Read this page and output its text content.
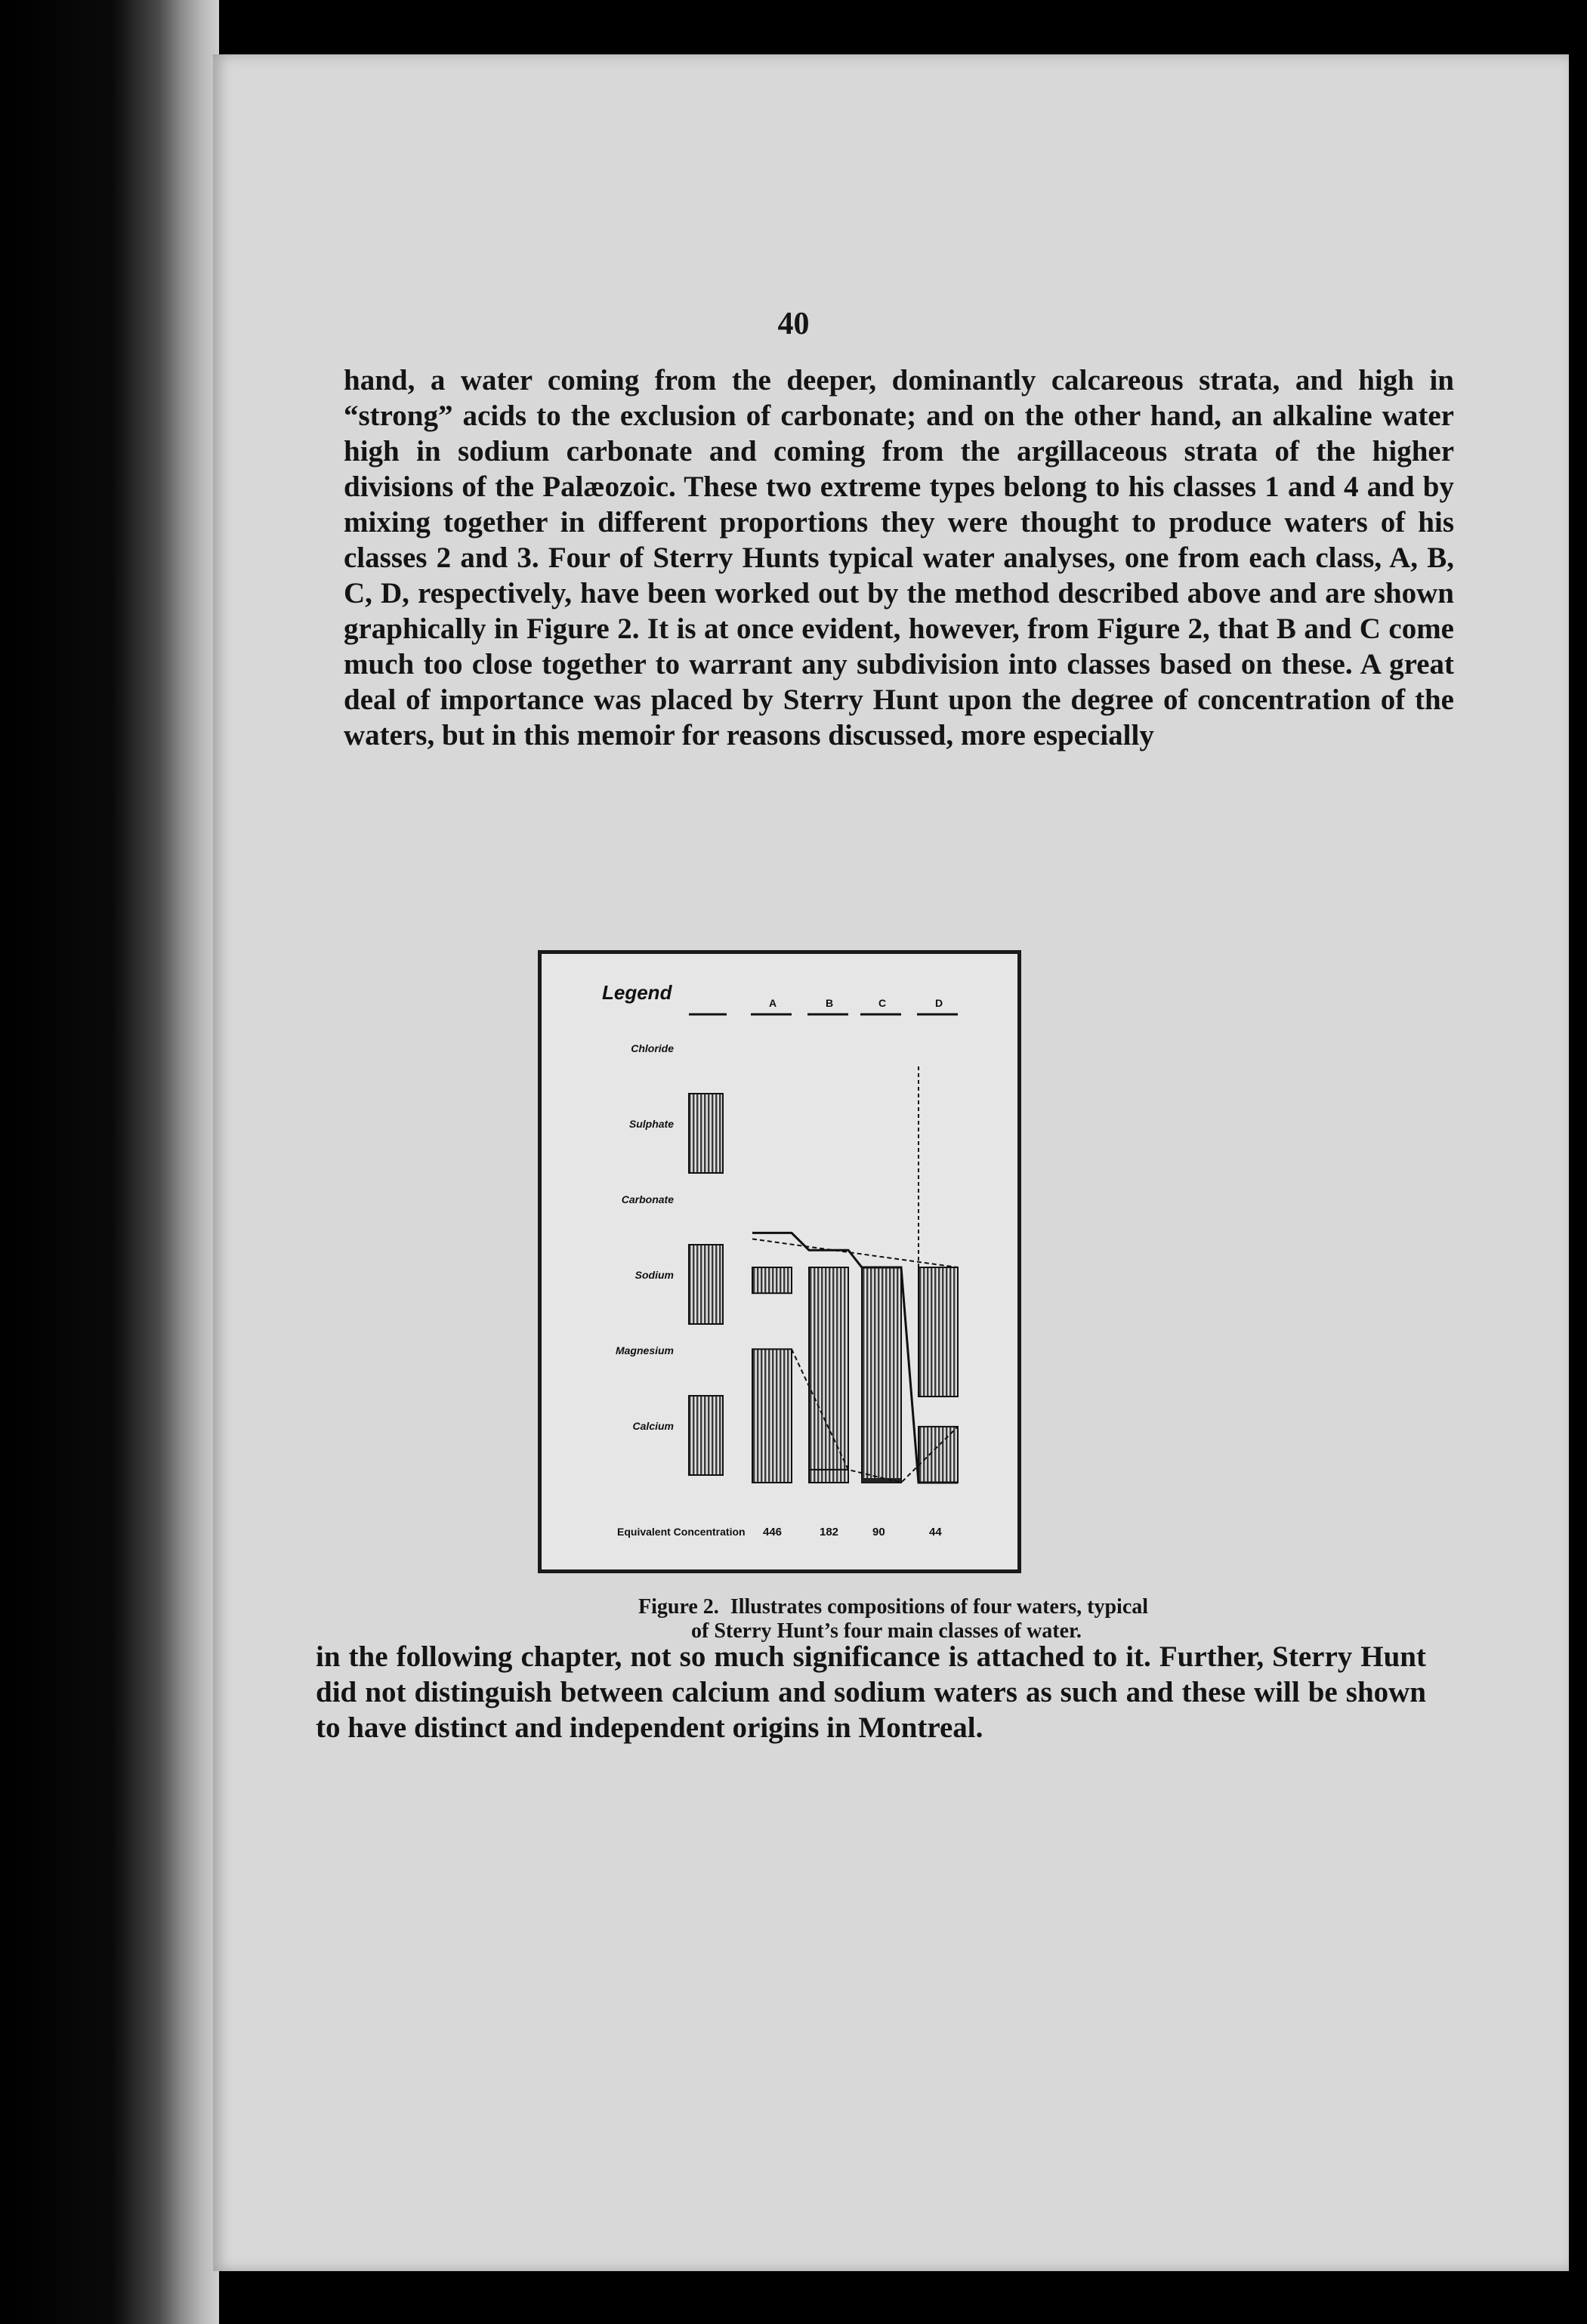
40

hand, a water coming from the deeper, dominantly calcareous strata, and high in “strong” acids to the exclusion of carbonate; and on the other hand, an alkaline water high in sodium carbonate and coming from the argillaceous strata of the higher divisions of the Palæozoic. These two extreme types belong to his classes 1 and 4 and by mixing together in different proportions they were thought to produce waters of his classes 2 and 3. Four of Sterry Hunts typical water analyses, one from each class, A, B, C, D, respectively, have been worked out by the method described above and are shown graphically in Figure 2. It is at once evident, however, from Figure 2, that B and C come much too close together to warrant any subdivision into classes based on these. A great deal of importance was placed by Sterry Hunt upon the degree of concentration of the waters, but in this memoir for reasons discussed, more especially

Legend	A	B	C	D
Chloride
Sulphate
Carbonate
Sodium
Magnesium
Calcium
446	182	90	44
Equivalent Concentration
Figure 2. Illustrates compositions of four waters, typical
of Sterry Hunt’s four main classes of water.

in the following chapter, not so much significance is attached to it. Further, Sterry Hunt did not distinguish between calcium and sodium waters as such and these will be shown to have distinct and independent origins in Montreal.
